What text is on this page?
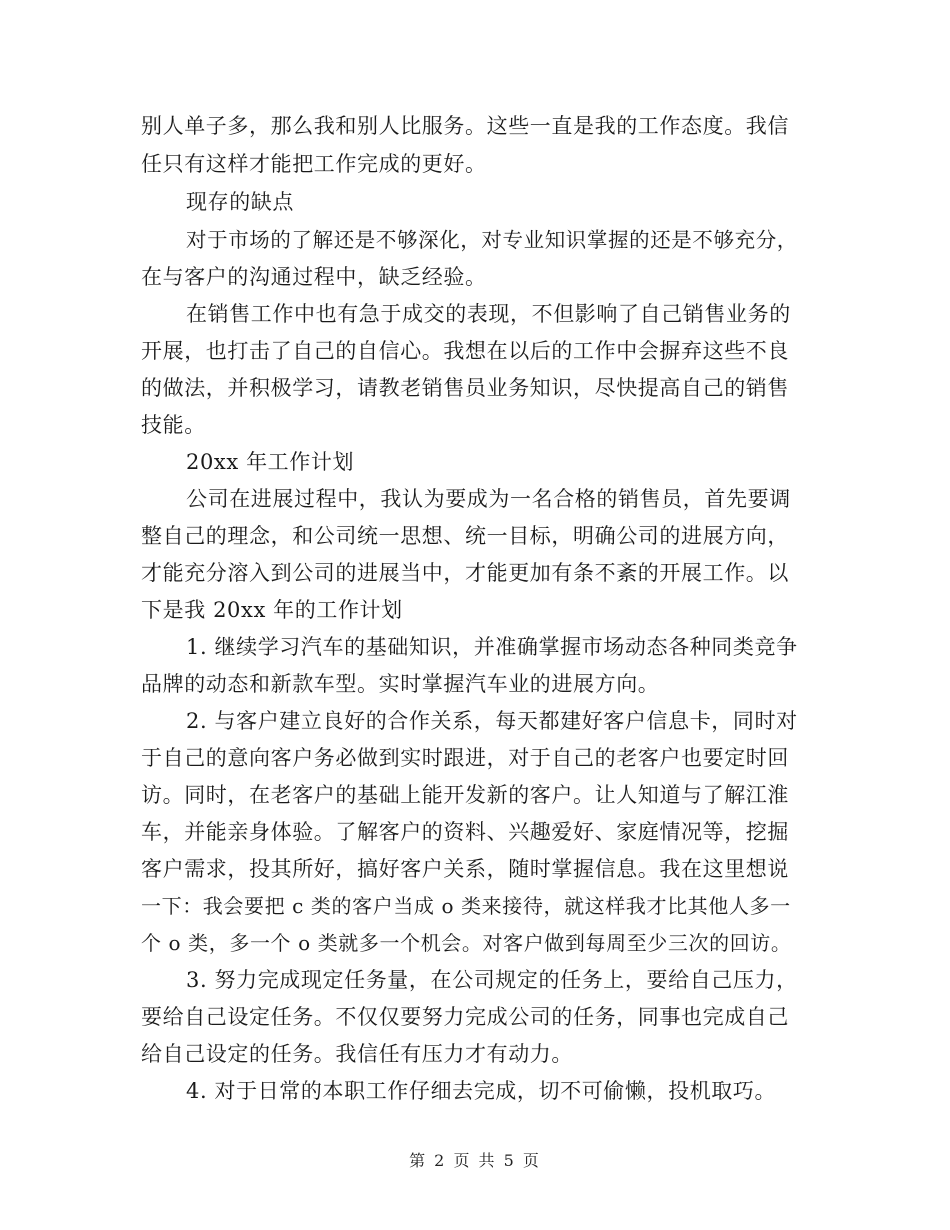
别人单子多，那么我和别人比服务。这些一直是我的工作态度。我信
任只有这样才能把工作完成的更好。
现存的缺点
对于市场的了解还是不够深化，对专业知识掌握的还是不够充分，
在与客户的沟通过程中，缺乏经验。
在销售工作中也有急于成交的表现，不但影响了自己销售业务的
开展，也打击了自己的自信心。我想在以后的工作中会摒弃这些不良
的做法，并积极学习，请教老销售员业务知识，尽快提高自己的销售
技能。
20xx 年工作计划
公司在进展过程中，我认为要成为一名合格的销售员，首先要调
整自己的理念，和公司统一思想、统一目标，明确公司的进展方向，
才能充分溶入到公司的进展当中，才能更加有条不紊的开展工作。以
下是我 20xx 年的工作计划
1. 继续学习汽车的基础知识，并准确掌握市场动态各种同类竞争
品牌的动态和新款车型。实时掌握汽车业的进展方向。
2. 与客户建立良好的合作关系，每天都建好客户信息卡，同时对
于自己的意向客户务必做到实时跟进，对于自己的老客户也要定时回
访。同时，在老客户的基础上能开发新的客户。让人知道与了解江淮
车，并能亲身体验。了解客户的资料、兴趣爱好、家庭情况等，挖掘
客户需求，投其所好，搞好客户关系，随时掌握信息。我在这里想说
一下：我会要把 c 类的客户当成 o 类来接待，就这样我才比其他人多一
个 o 类，多一个 o 类就多一个机会。对客户做到每周至少三次的回访。
3. 努力完成现定任务量，在公司规定的任务上，要给自己压力，
要给自己设定任务。不仅仅要努力完成公司的任务，同事也完成自己
给自己设定的任务。我信任有压力才有动力。
4. 对于日常的本职工作仔细去完成，切不可偷懒，投机取巧。
第 2 页 共 5 页
